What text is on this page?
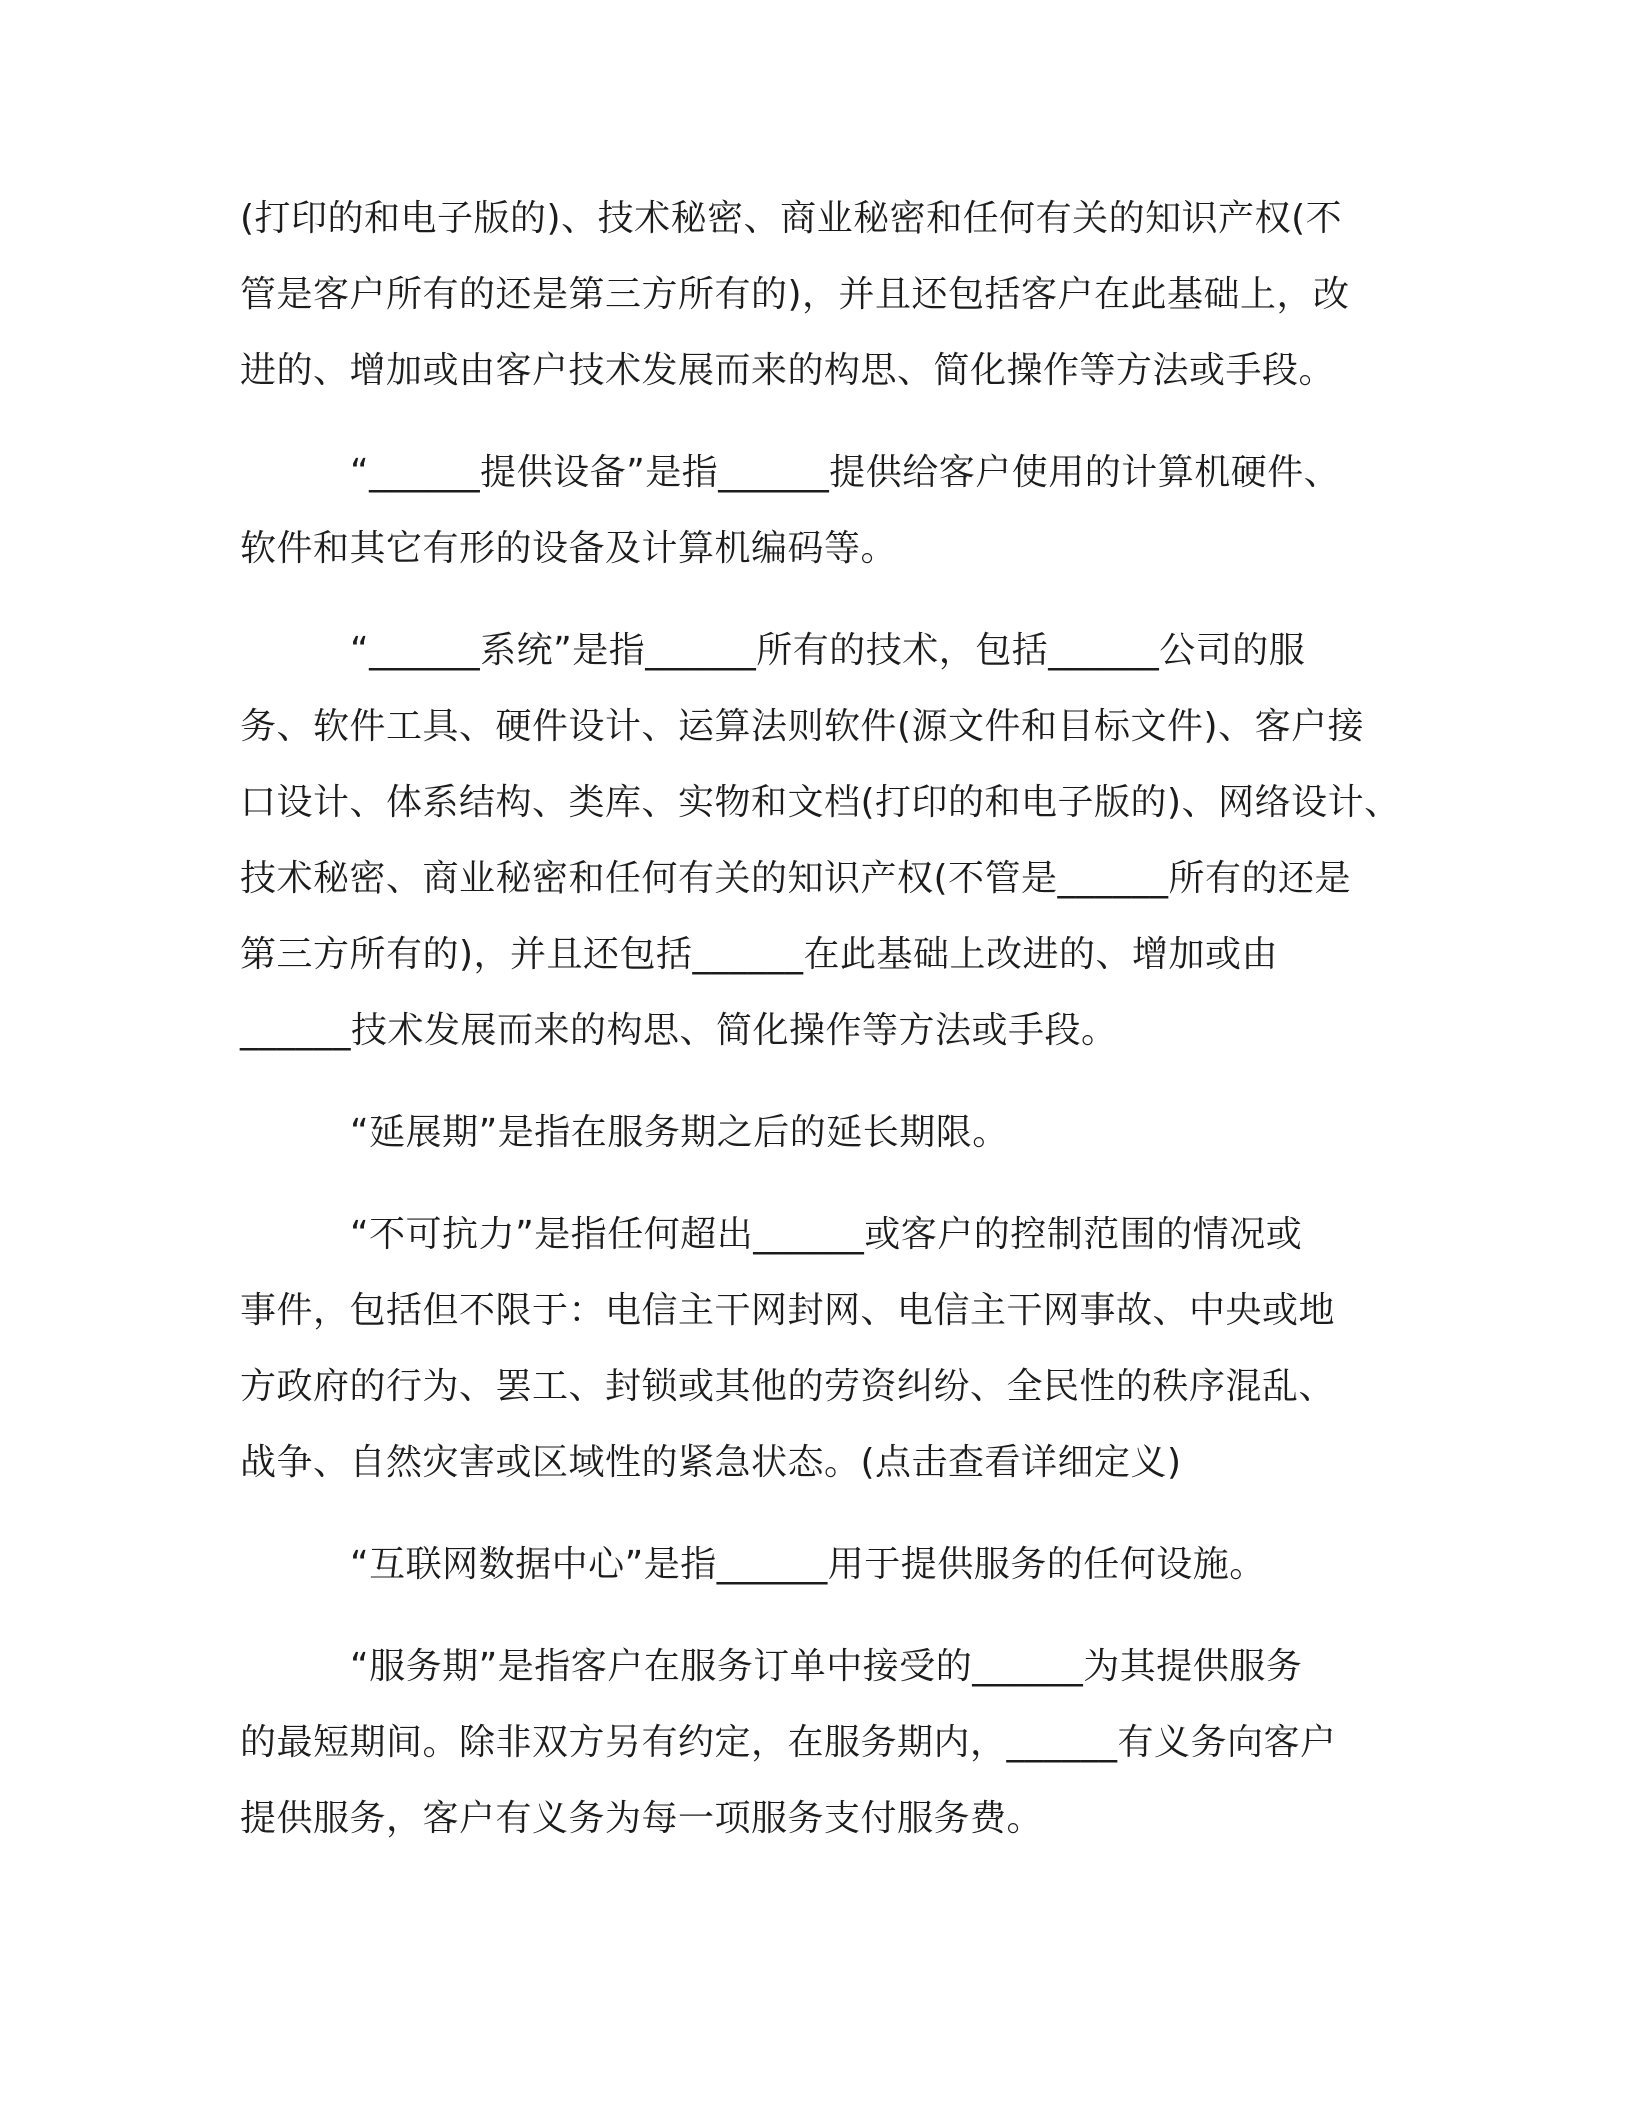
(打印的和电子版的)、技术秘密、商业秘密和任何有关的知识产权(不

管是客户所有的还是第三方所有的)，并且还包括客户在此基础上，改

进的、增加或由客户技术发展而来的构思、简化操作等方法或手段。

“______提供设备”是指______提供给客户使用的计算机硬件、

软件和其它有形的设备及计算机编码等。

“______系统”是指______所有的技术，包括______公司的服

务、软件工具、硬件设计、运算法则软件(源文件和目标文件)、客户接

口设计、体系结构、类库、实物和文档(打印的和电子版的)、网络设计、

技术秘密、商业秘密和任何有关的知识产权(不管是______所有的还是

第三方所有的)，并且还包括______在此基础上改进的、增加或由

______技术发展而来的构思、简化操作等方法或手段。

“延展期”是指在服务期之后的延长期限。

“不可抗力”是指任何超出______或客户的控制范围的情况或

事件，包括但不限于：电信主干网封网、电信主干网事故、中央或地

方政府的行为、罢工、封锁或其他的劳资纠纷、全民性的秩序混乱、

战争、自然灾害或区域性的紧急状态。(点击查看详细定义)

“互联网数据中心”是指______用于提供服务的任何设施。

“服务期”是指客户在服务订单中接受的______为其提供服务

的最短期间。除非双方另有约定，在服务期内，______有义务向客户

提供服务，客户有义务为每一项服务支付服务费。
